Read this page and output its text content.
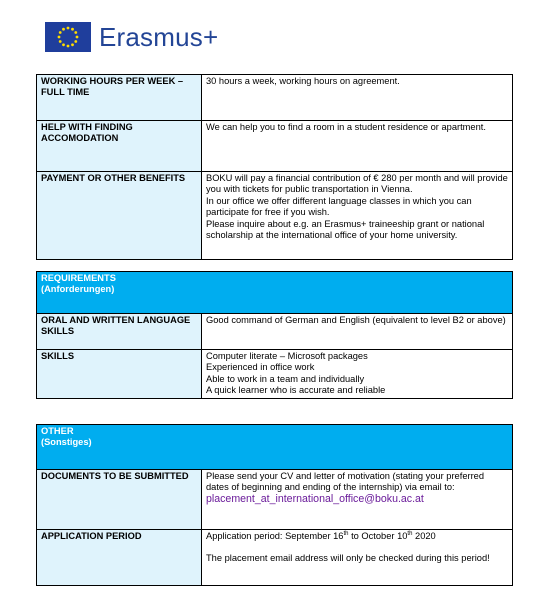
Erasmus+
WORKING HOURS PER WEEK – FULL TIME	30 hours a week, working hours on agreement.

HELP WITH FINDING ACCOMODATION	We can help you to find a room in a student residence or apartment.

PAYMENT OR OTHER BENEFITS	BOKU will pay a financial contribution of € 280 per month and will provide you with tickets for public transportation in Vienna.
In our office we offer different language classes in which you can participate for free if you wish.
Please inquire about e.g. an Erasmus+ traineeship grant or national scholarship at the international office of your home university.
REQUIREMENTS
(Anforderungen)	

ORAL AND WRITTEN LANGUAGE SKILLS	Good command of German and English (equivalent to level B2 or above)

SKILLS	Computer literate – Microsoft packages
Experienced in office work
Able to work in a team and individually
A quick learner who is accurate and reliable
OTHER
(Sonstiges)	

DOCUMENTS TO BE SUBMITTED	Please send your CV and letter of motivation (stating your preferred dates of beginning and ending of the internship) via email to:
placement_at_international_office@boku.ac.at

APPLICATION PERIOD	Application period: September 16th to October 10th 2020
The placement email address will only be checked during this period!
